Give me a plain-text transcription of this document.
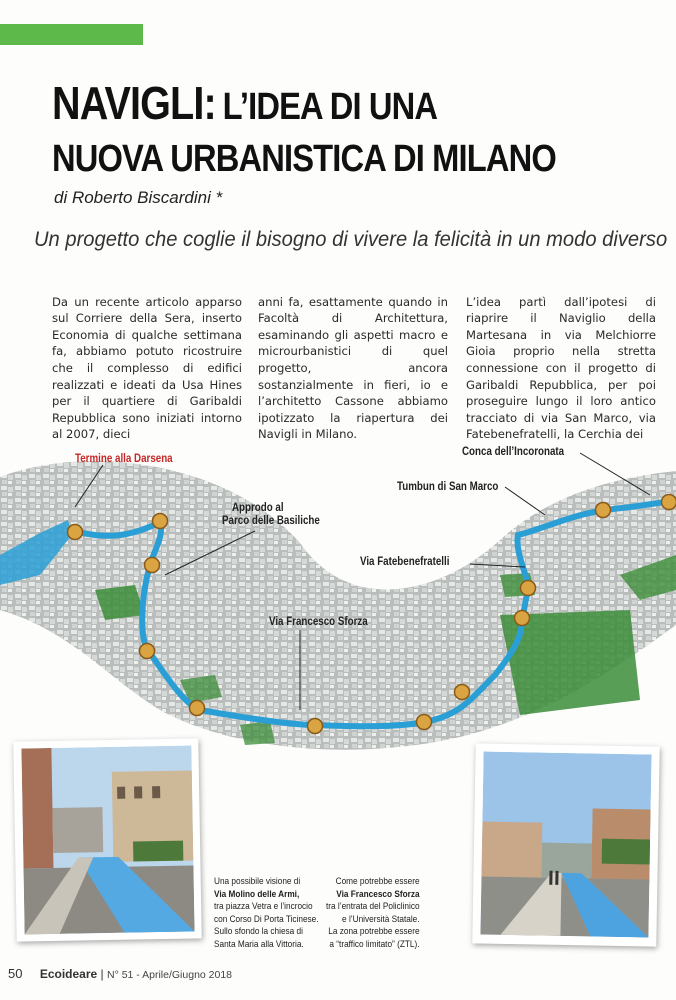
NAVIGLI: L’IDEA DI UNA
NUOVA URBANISTICA DI MILANO
di Roberto Biscardini *
Un progetto che coglie il bisogno di vivere la felicità in un modo diverso

Da un recente articolo apparso sul Corriere della Sera, inserto Economia di qualche settimana fa, abbiamo potuto ricostruire che il complesso di edifici realizzati e ideati da Usa Hines per il quartiere di Garibaldi Repubblica sono iniziati intorno al 2007, dieci

anni fa, esattamente quando in Facoltà di Architettura, esaminando gli aspetti macro e microurbanistici di quel progetto, ancora sostanzialmente in fieri, io e l’architetto Cassone abbiamo ipotizzato la riapertura dei Navigli in Milano.

L’idea partì dall’ipotesi di riaprire il Naviglio della Martesana in via Melchiorre Gioia proprio nella stretta connessione con il progetto di Garibaldi Repubblica, per poi proseguire lungo il loro antico tracciato di via San Marco, via Fatebenefratelli, la Cerchia dei

Termine alla Darsena
Approdo al
Parco delle Basiliche
Via Francesco Sforza
Via Fatebenefratelli
Tumbun di San Marco
Conca dell’Incoronata
Una possibile visione di
Via Molino delle Armi,
tra piazza Vetra e l’incrocio
con Corso Di Porta Ticinese.
Sullo sfondo la chiesa di
Santa Maria alla Vittoria.
Come potrebbe essere
Via Francesco Sforza
tra l’entrata del Policlinico
e l’Università Statale.
La zona potrebbe essere
a “traffico limitato” (ZTL).
50 Ecoideare | N° 51 - Aprile/Giugno 2018
